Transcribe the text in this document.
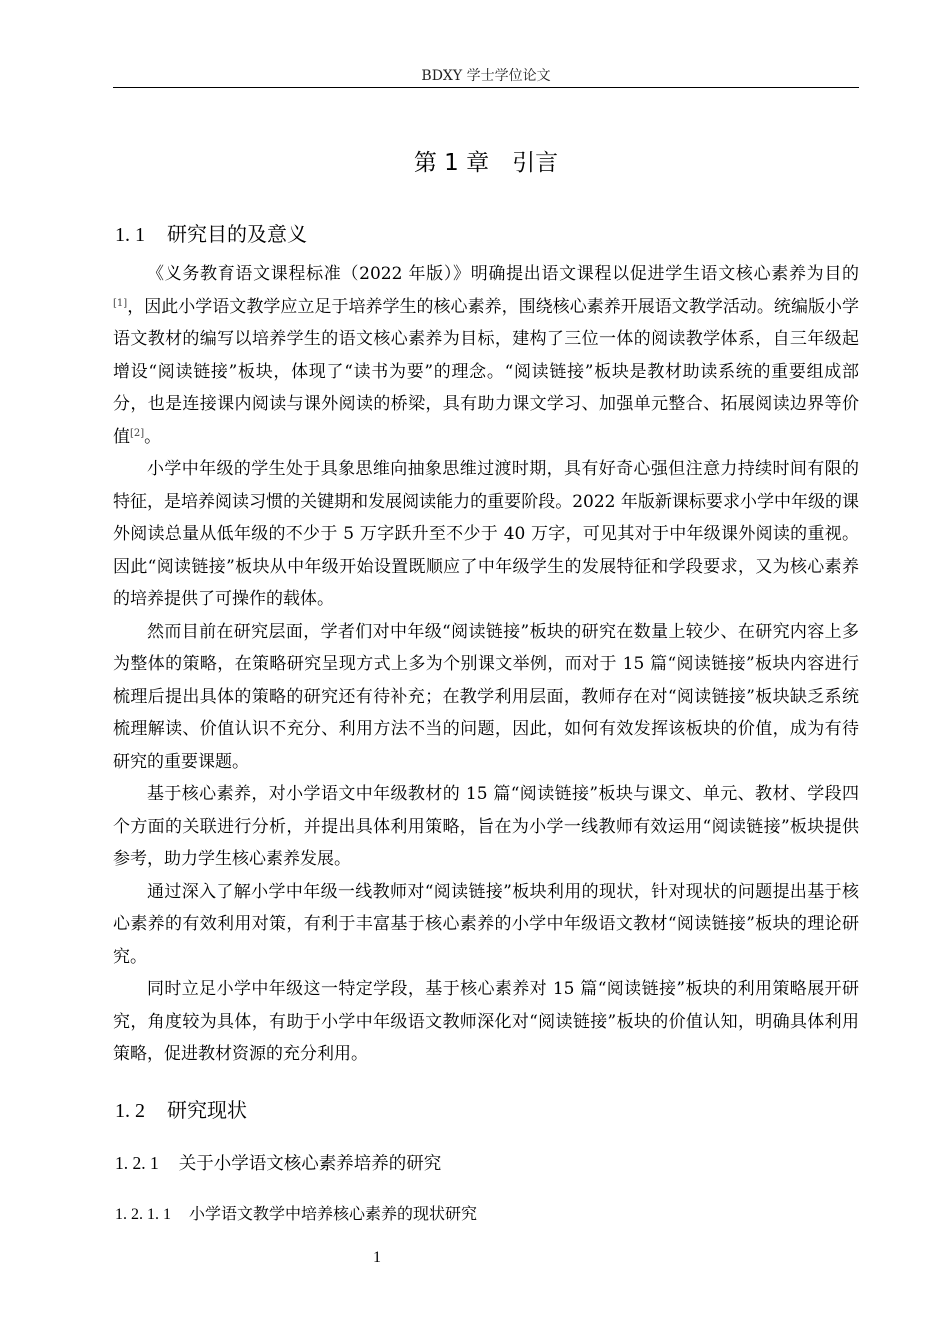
BDXY 学士学位论文
第 1 章　引言
1. 1 研究目的及意义

《义务教育语文课程标准（2022 年版）》明确提出语文课程以促进学生语文核心素养为目的[1]，因此小学语文教学应立足于培养学生的核心素养，围绕核心素养开展语文教学活动。统编版小学语文教材的编写以培养学生的语文核心素养为目标，建构了三位一体的阅读教学体系，自三年级起增设“阅读链接”板块，体现了“读书为要”的理念。“阅读链接”板块是教材助读系统的重要组成部分，也是连接课内阅读与课外阅读的桥梁，具有助力课文学习、加强单元整合、拓展阅读边界等价值[2]。

小学中年级的学生处于具象思维向抽象思维过渡时期，具有好奇心强但注意力持续时间有限的特征，是培养阅读习惯的关键期和发展阅读能力的重要阶段。2022 年版新课标要求小学中年级的课外阅读总量从低年级的不少于 5 万字跃升至不少于 40 万字，可见其对于中年级课外阅读的重视。因此“阅读链接”板块从中年级开始设置既顺应了中年级学生的发展特征和学段要求，又为核心素养的培养提供了可操作的载体。

然而目前在研究层面，学者们对中年级“阅读链接”板块的研究在数量上较少、在研究内容上多为整体的策略，在策略研究呈现方式上多为个别课文举例，而对于 15 篇“阅读链接”板块内容进行梳理后提出具体的策略的研究还有待补充；在教学利用层面，教师存在对“阅读链接”板块缺乏系统梳理解读、价值认识不充分、利用方法不当的问题，因此，如何有效发挥该板块的价值，成为有待研究的重要课题。

基于核心素养，对小学语文中年级教材的 15 篇“阅读链接”板块与课文、单元、教材、学段四个方面的关联进行分析，并提出具体利用策略，旨在为小学一线教师有效运用“阅读链接”板块提供参考，助力学生核心素养发展。

通过深入了解小学中年级一线教师对“阅读链接”板块利用的现状，针对现状的问题提出基于核心素养的有效利用对策，有利于丰富基于核心素养的小学中年级语文教材“阅读链接”板块的理论研究。

同时立足小学中年级这一特定学段，基于核心素养对 15 篇“阅读链接”板块的利用策略展开研究，角度较为具体，有助于小学中年级语文教师深化对“阅读链接”板块的价值认知，明确具体利用策略，促进教材资源的充分利用。

1. 2 研究现状
1. 2. 1 关于小学语文核心素养培养的研究
1. 2. 1. 1 小学语文教学中培养核心素养的现状研究
1
